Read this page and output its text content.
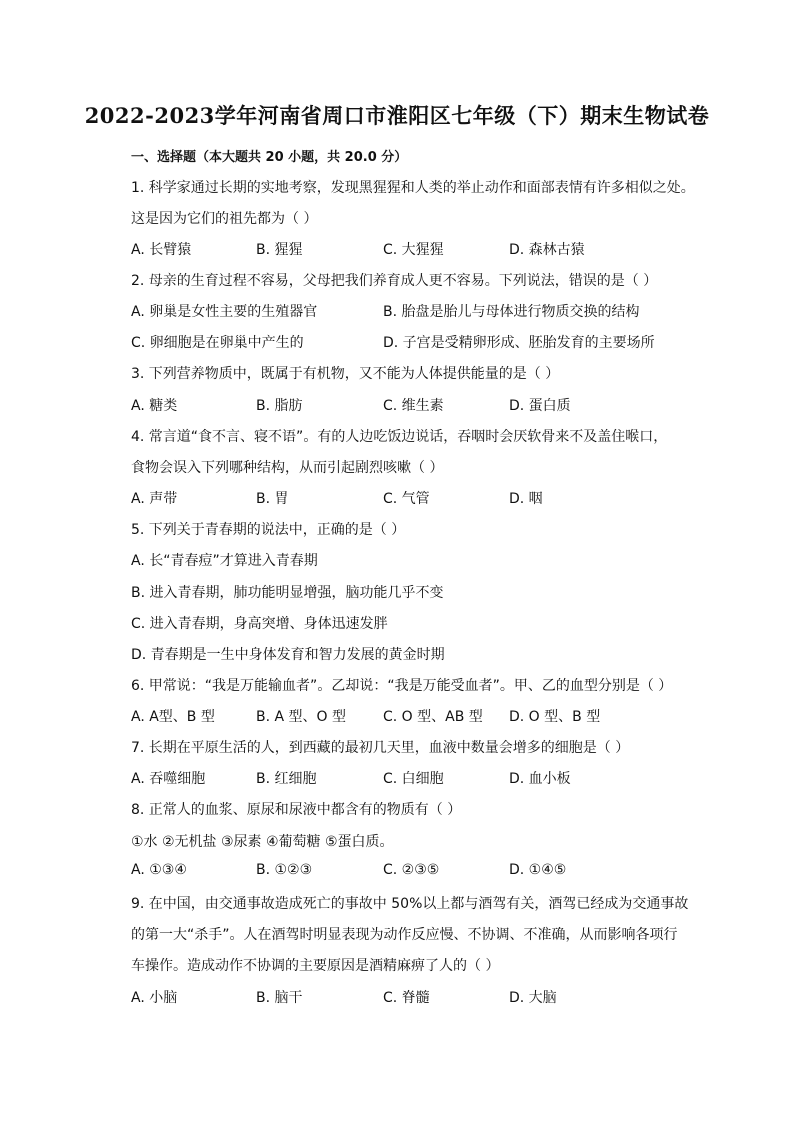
2022-2023学年河南省周口市淮阳区七年级（下）期末生物试卷
一、选择题（本大题共 20 小题，共 20.0 分）
1. 科学家通过长期的实地考察，发现黑猩猩和人类的举止动作和面部表情有许多相似之处。
这是因为它们的祖先都为（ ）
A. 长臂猿	B. 猩猩	C. 大猩猩	D. 森林古猿
2. 母亲的生育过程不容易，父母把我们养育成人更不容易。下列说法，错误的是（ ）
A. 卵巢是女性主要的生殖器官	B. 胎盘是胎儿与母体进行物质交换的结构
C. 卵细胞是在卵巢中产生的	D. 子宫是受精卵形成、胚胎发育的主要场所
3. 下列营养物质中，既属于有机物，又不能为人体提供能量的是（ ）
A. 糖类	B. 脂肪	C. 维生素	D. 蛋白质
4. 常言道“食不言、寝不语”。有的人边吃饭边说话，吞咽时会厌软骨来不及盖住喉口，
食物会误入下列哪种结构，从而引起剧烈咳嗽（ ）
A. 声带	B. 胃	C. 气管	D. 咽
5. 下列关于青春期的说法中，正确的是（ ）
A. 长“青春痘”才算进入青春期
B. 进入青春期，肺功能明显增强，脑功能几乎不变
C. 进入青春期，身高突增、身体迅速发胖
D. 青春期是一生中身体发育和智力发展的黄金时期
6. 甲常说：“我是万能输血者”。乙却说：“我是万能受血者”。甲、乙的血型分别是（ ）
A. A型、B 型	B. A 型、O 型	C. O 型、AB 型 D. O 型、B 型
7. 长期在平原生活的人，到西藏的最初几天里，血液中数量会增多的细胞是（ ）
A. 吞噬细胞	B. 红细胞	C. 白细胞	D. 血小板
8. 正常人的血浆、原尿和尿液中都含有的物质有（ ）
①水 ②无机盐 ③尿素 ④葡萄糖 ⑤蛋白质。
A. ①③④	B. ①②③	C. ②③⑤	D. ①④⑤
9. 在中国，由交通事故造成死亡的事故中 50%以上都与酒驾有关，酒驾已经成为交通事故
的第一大“杀手”。人在酒驾时明显表现为动作反应慢、不协调、不准确，从而影响各项行
车操作。造成动作不协调的主要原因是酒精麻痹了人的（ ）
A. 小脑	B. 脑干	C. 脊髓	D. 大脑
